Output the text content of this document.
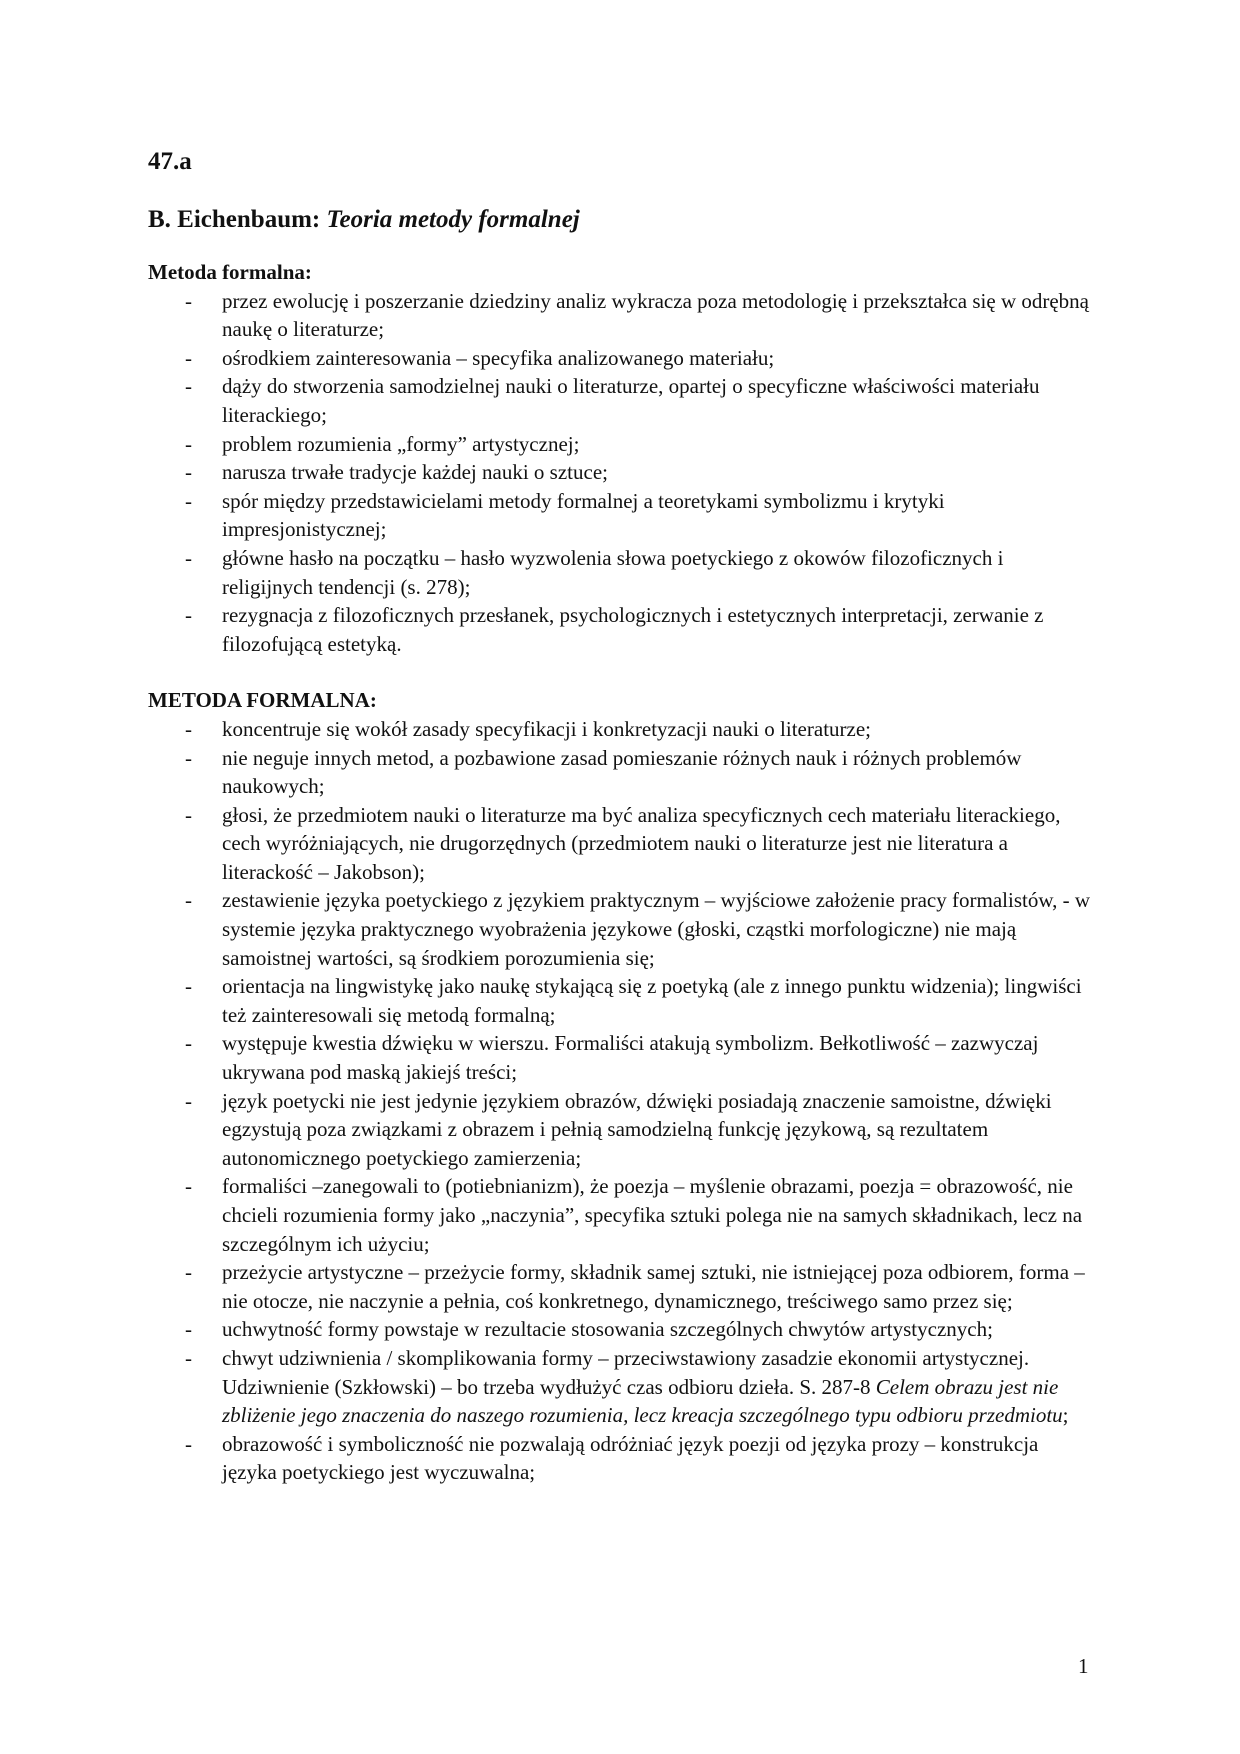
47.a

B. Eichenbaum: Teoria metody formalnej

Metoda formalna:

- przez ewolucję i poszerzanie dziedziny analiz wykracza poza metodologię i przekształca się w odrębną naukę o literaturze;
- ośrodkiem zainteresowania – specyfika analizowanego materiału;
- dąży do stworzenia samodzielnej nauki o literaturze, opartej o specyficzne właściwości materiału literackiego;
- problem rozumienia „formy” artystycznej;
- narusza trwałe tradycje każdej nauki o sztuce;
- spór między przedstawicielami metody formalnej a teoretykami symbolizmu i krytyki impresjonistycznej;
- główne hasło na początku – hasło wyzwolenia słowa poetyckiego z okowów filozoficznych i religijnych tendencji (s. 278);
- rezygnacja z filozoficznych przesłanek, psychologicznych i estetycznych interpretacji, zerwanie z filozofującą estetyką.

METODA FORMALNA:

- koncentruje się wokół zasady specyfikacji i konkretyzacji nauki o literaturze;
- nie neguje innych metod, a pozbawione zasad pomieszanie różnych nauk i różnych problemów naukowych;
- głosi, że przedmiotem nauki o literaturze ma być analiza specyficznych cech materiału literackiego, cech wyróżniających, nie drugorzędnych (przedmiotem nauki o literaturze jest nie literatura a literackość – Jakobson);
- zestawienie języka poetyckiego z językiem praktycznym – wyjściowe założenie pracy formalistów, - w systemie języka praktycznego wyobrażenia językowe (głoski, cząstki morfologiczne) nie mają samoistnej wartości, są środkiem porozumienia się;
- orientacja na lingwistykę jako naukę stykającą się z poetyką (ale z innego punktu widzenia); lingwiści też zainteresowali się metodą formalną;
- występuje kwestia dźwięku w wierszu. Formaliści atakują symbolizm. Bełkotliwość – zazwyczaj ukrywana pod maską jakiejś treści;
- język poetycki nie jest jedynie językiem obrazów, dźwięki posiadają znaczenie samoistne, dźwięki egzystują poza związkami z obrazem i pełnią samodzielną funkcję językową, są rezultatem autonomicznego poetyckiego zamierzenia;
- formaliści –zanegowali to (potiebnianizm), że poezja – myślenie obrazami, poezja = obrazowość, nie chcieli rozumienia formy jako „naczynia”, specyfika sztuki polega nie na samych składnikach, lecz na szczególnym ich użyciu;
- przeżycie artystyczne – przeżycie formy, składnik samej sztuki, nie istniejącej poza odbiorem, forma – nie otocze, nie naczynie a pełnia, coś konkretnego, dynamicznego, treściwego samo przez się;
- uchwytność formy powstaje w rezultacie stosowania szczególnych chwytów artystycznych;
- chwyt udziwnienia / skomplikowania formy – przeciwstawiony zasadzie ekonomii artystycznej. Udziwnienie (Szkłowski) – bo trzeba wydłużyć czas odbioru dzieła. S. 287-8 Celem obrazu jest nie zbliżenie jego znaczenia do naszego rozumienia, lecz kreacja szczególnego typu odbioru przedmiotu;
- obrazowość i symboliczność nie pozwalają odróżniać język poezji od języka prozy – konstrukcja języka poetyckiego jest wyczuwalna;
1
